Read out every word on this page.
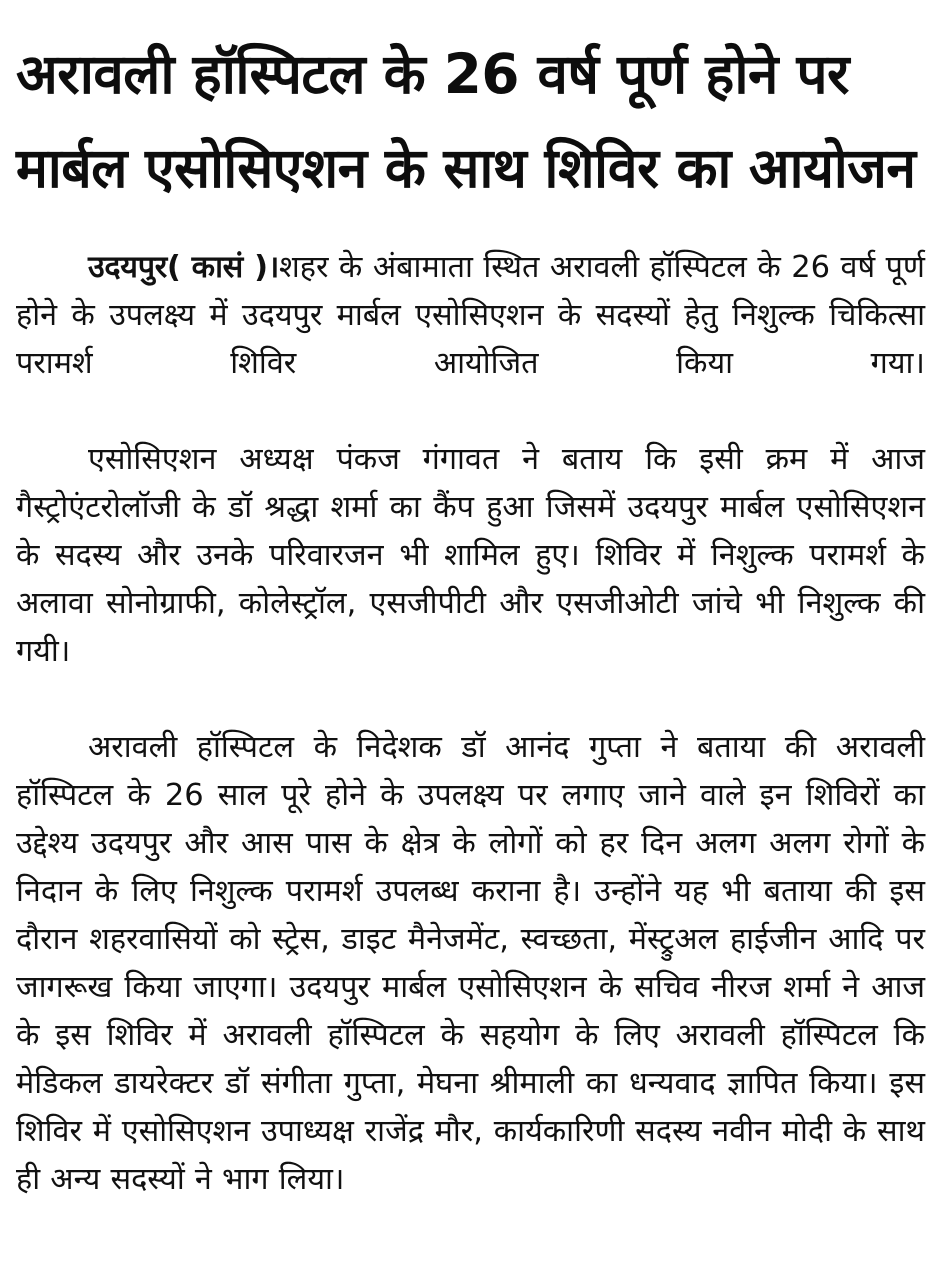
अरावली हॉस्पिटल के 26 वर्ष पूर्ण होने पर
मार्बल एसोसिएशन के साथ शिविर का आयोजन

उदयपुर( कासं )।शहर के अंबामाता स्थित अरावली हॉस्पिटल के 26 वर्ष पूर्ण होने के उपलक्ष्य में उदयपुर मार्बल एसोसिएशन के सदस्यों हेतु निशुल्क चिकित्सा परामर्श शिविर आयोजित किया गया।

एसोसिएशन अध्यक्ष पंकज गंगावत ने बताय कि इसी क्रम में आज गैस्ट्रोएंटरोलॉजी के डॉ श्रद्धा शर्मा का कैंप हुआ जिसमें उदयपुर मार्बल एसोसिएशन के सदस्य और उनके परिवारजन भी शामिल हुए। शिविर में निशुल्क परामर्श के अलावा सोनोग्राफी, कोलेस्ट्रॉल, एसजीपीटी और एसजीओटी जांचे भी निशुल्क की गयी।

अरावली हॉस्पिटल के निदेशक डॉ आनंद गुप्ता ने बताया की अरावली हॉस्पिटल के 26 साल पूरे होने के उपलक्ष्य पर लगाए जाने वाले इन शिविरों का उद्देश्य उदयपुर और आस पास के क्षेत्र के लोगों को हर दिन अलग अलग रोगों के निदान के लिए निशुल्क परामर्श उपलब्ध कराना है। उन्होंने यह भी बताया की इस दौरान शहरवासियों को स्ट्रेस, डाइट मैनेजमेंट, स्वच्छता, मेंस्ट्रुअल हाईजीन आदि पर जागरूख किया जाएगा। उदयपुर मार्बल एसोसिएशन के सचिव नीरज शर्मा ने आज के इस शिविर में अरावली हॉस्पिटल के सहयोग के लिए अरावली हॉस्पिटल कि मेडिकल डायरेक्टर डॉ संगीता गुप्ता, मेघना श्रीमाली का धन्यवाद ज्ञापित किया। इस शिविर में एसोसिएशन उपाध्यक्ष राजेंद्र मौर, कार्यकारिणी सदस्य नवीन मोदी के साथ ही अन्य सदस्यों ने भाग लिया।
